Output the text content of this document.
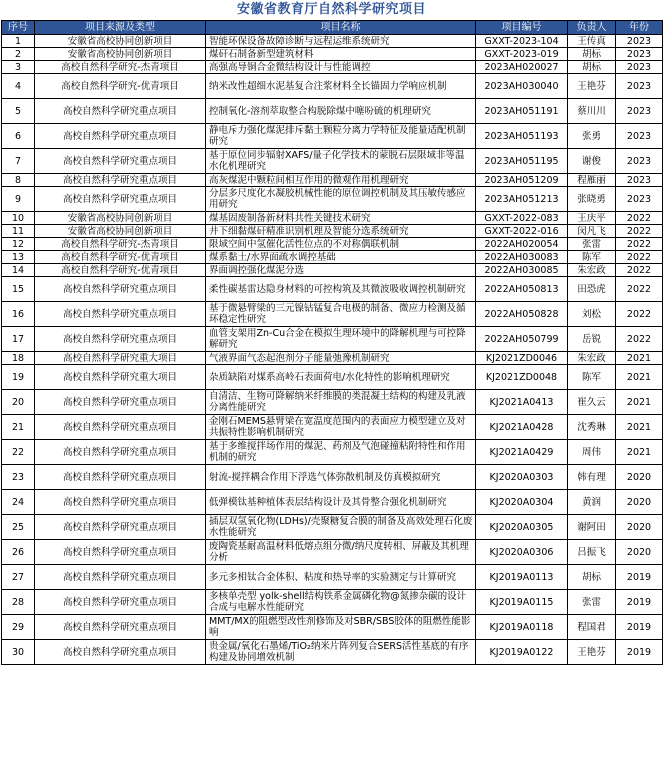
安徽省教育厅自然科学研究项目
序号	项目来源及类型	项目名称	项目编号	负责人	年份
1	安徽省高校协同创新项目	智能环保设备故障诊断与远程运维系统研究	GXXT-2023-104	王传真	2023
2	安徽省高校协同创新项目	煤矸石制备新型建筑材料	GXXT-2023-019	胡标	2023
3	高校自然科学研究-杰青项目	高强高导铜合金微结构设计与性能调控	2023AH020027	胡标	2023
4	高校自然科学研究-优青项目	纳米改性超细水泥基复合注浆材料全长锚固力学响应机制	2023AH030040	王艳芬	2023
5	高校自然科学研究重点项目	控制氧化-溶剂萃取整合构脱除煤中噻吩硫的机理研究	2023AH051191	蔡川川	2023
6	高校自然科学研究重点项目	静电斥力强化煤泥排斥黏土颗粒分离力学特征及能量适配机制研究	2023AH051193	张勇	2023
7	高校自然科学研究重点项目	基于原位同步辐射XAFS/量子化学技术的蒙脱石层限域非等温水化机理研究	2023AH051195	谢俊	2023
8	高校自然科学研究重点项目	高灰煤泥中颗粒间相互作用的微观作用机理研究	2023AH051209	程雁丽	2023
9	高校自然科学研究重点项目	分层多尺度化水凝胶机械性能的原位调控机制及其压敏传感应用研究	2023AH051213	张晓勇	2023
10	安徽省高校协同创新项目	煤基固废制备新材料共性关键技术研究	GXXT-2022-083	王庆平	2022
11	安徽省高校协同创新项目	井下细黏煤矸精准识别机理及智能分选系统研究	GXXT-2022-016	闵凡飞	2022
12	高校自然科学研究-杰青项目	限域空间中氢催化活性位点的不对称偶联机制	2022AH020054	张雷	2022
13	高校自然科学研究-优青项目	煤系黏土/水界面疏水调控基础	2022AH030083	陈军	2022
14	高校自然科学研究-优青项目	界面调控强化煤泥分选	2022AH030085	朱宏政	2022
15	高校自然科学研究重点项目	柔性碳基雷达隐身材料的可控构筑及其微波吸收调控机制研究	2022AH050813	田恐虎	2022
16	高校自然科学研究重点项目	基于微悬臂梁的三元镍钴锰复合电极的制备、微应力检测及循环稳定性研究	2022AH050828	刘松	2022
17	高校自然科学研究重点项目	血管支架用Zn-Cu合金在模拟生理环境中的降解机理与可控降解研究	2022AH050799	岳锐	2022
18	高校自然科学研究重大项目	气液界面气态起泡剂分子能量弛豫机制研究	KJ2021ZD0046	朱宏政	2021
19	高校自然科学研究重大项目	杂质缺陷对煤系高岭石表面荷电/水化特性的影响机理研究	KJ2021ZD0048	陈军	2021
20	高校自然科学研究重点项目	自清洁、生物可降解纳米纤维膜的类混凝土结构的构建及乳液分离性能研究	KJ2021A0413	崔久云	2021
21	高校自然科学研究重点项目	金刚石MEMS悬臂梁在宽温度范围内的表面应力模型建立及对共振特性影响机制研究	KJ2021A0428	沈秀琳	2021
22	高校自然科学研究重点项目	基于多维搅拌场作用的煤泥、药剂及气泡碰撞粘附特性和作用机制的研究	KJ2021A0429	周伟	2021
23	高校自然科学研究重点项目	射流-搅拌耦合作用下浮选气体弥散机制及仿真模拟研究	KJ2020A0303	韩有理	2020
24	高校自然科学研究重点项目	低弹模钛基种植体表层结构设计及其骨整合强化机制研究	KJ2020A0304	黄润	2020
25	高校自然科学研究重点项目	插层双氢氧化物(LDHs)/壳聚糖复合膜的制备及高效处理石化废水性能研究	KJ2020A0305	谢阿田	2020
26	高校自然科学研究重点项目	废陶瓷基耐高温材料低熔点组分微/纳尺度转相、屏蔽及其机理分析	KJ2020A0306	吕振飞	2020
27	高校自然科学研究重点项目	多元多相钛合金体积、粘度和热导率的实验测定与计算研究	KJ2019A0113	胡标	2019
28	高校自然科学研究重点项目	多核单壳型 yolk-shell结构铁系金属磷化物@氮掺杂碳的设计合成与电解水性能研究	KJ2019A0115	张雷	2019
29	高校自然科学研究重点项目	MMT/MX的阻燃型改性剂修饰及对SBR/SBS胶体的阻燃性能影响	KJ2019A0118	程国君	2019
30	高校自然科学研究重点项目	贵金属/氧化石墨烯/TiO₂纳米片阵列复合SERS活性基底的有序构建及协同增效机制	KJ2019A0122	王艳芬	2019
